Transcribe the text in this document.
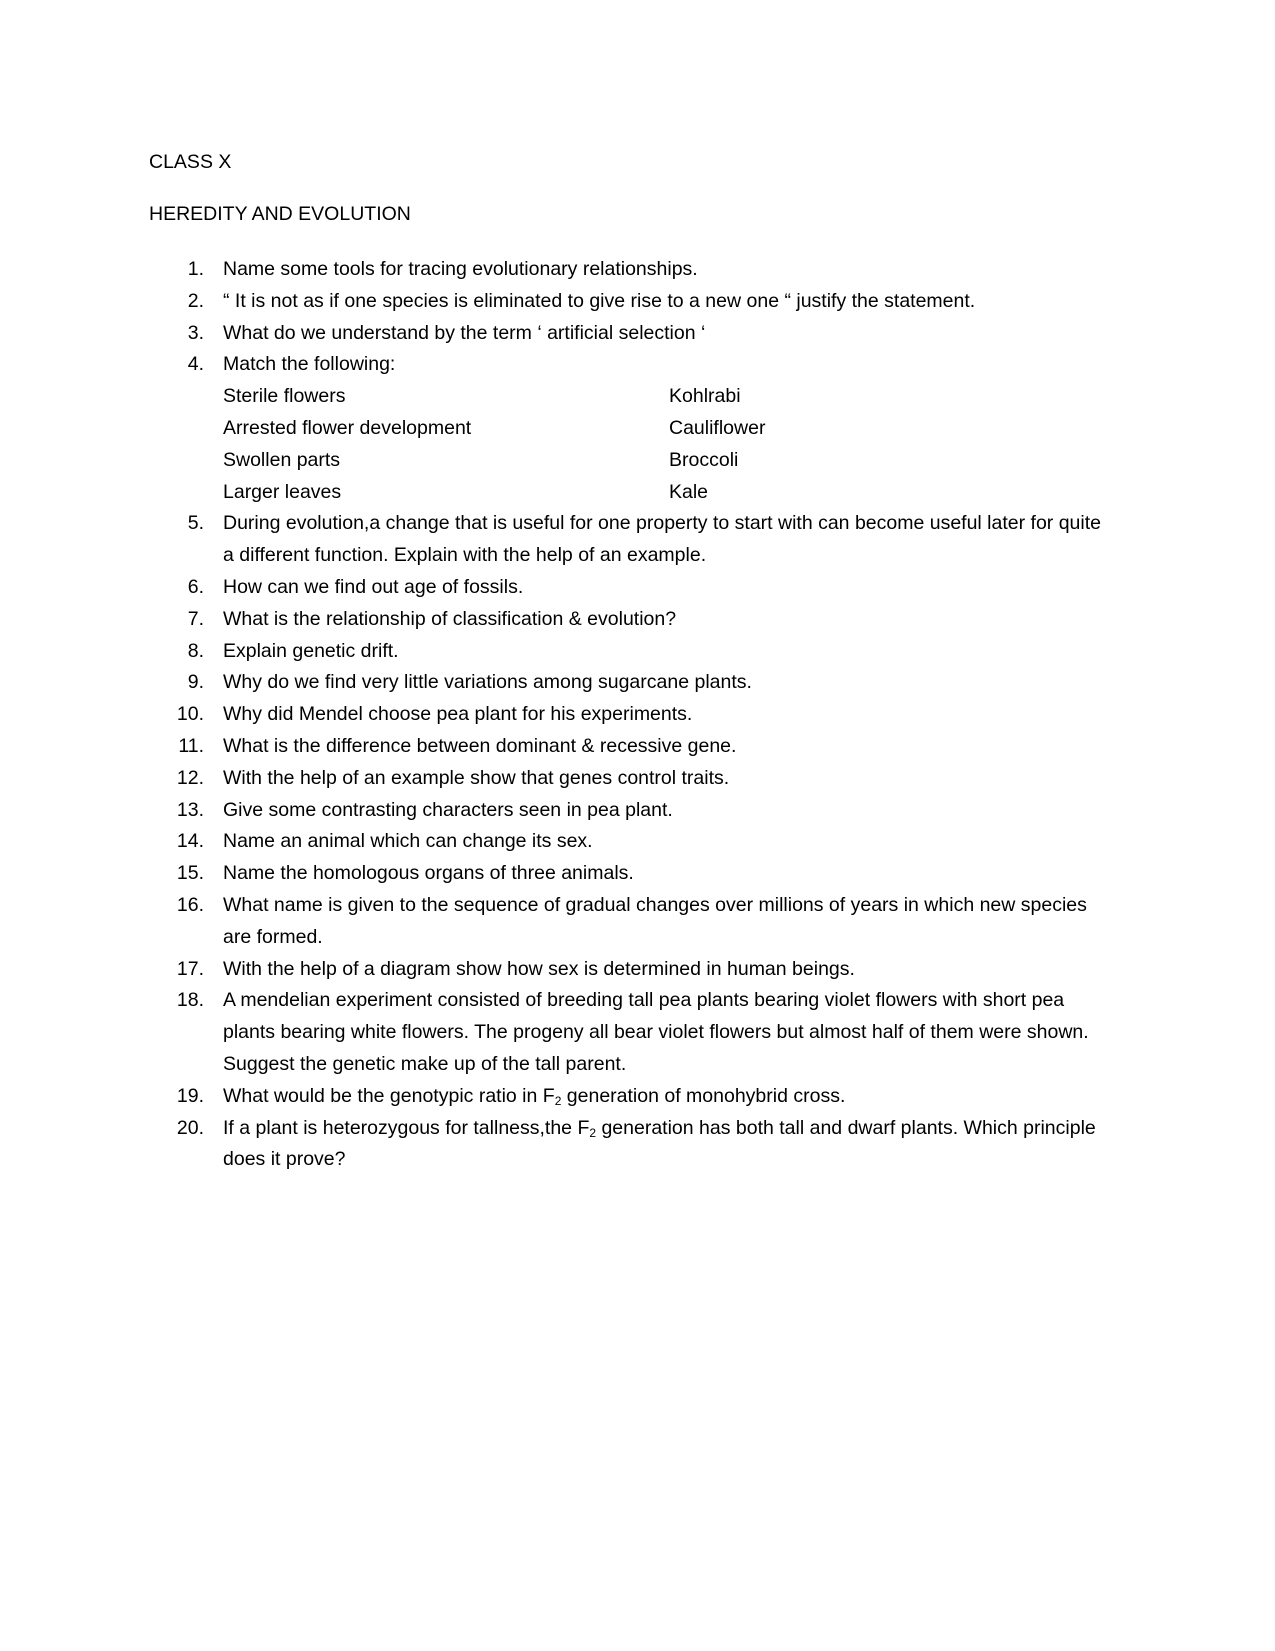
CLASS X
HEREDITY AND EVOLUTION
1. Name some tools for tracing evolutionary relationships.
2. “ It is not as if one species is eliminated to give rise to a new one “ justify the statement.
3. What do we understand by the term ‘ artificial selection ‘
4. Match the following:
Sterile flowers	Kohlrabi
Arrested flower development	Cauliflower
Swollen parts	Broccoli
Larger leaves	Kale
5. During evolution,a change that is useful for one property to start with can become useful later for quite a different function. Explain with the help of an example.
6. How can we find out age of fossils.
7. What is the relationship of classification & evolution?
8. Explain genetic drift.
9. Why do we find very little variations among sugarcane plants.
10. Why did Mendel choose pea plant for his experiments.
11. What is the difference between dominant & recessive gene.
12. With the help of an example show that genes control traits.
13. Give some contrasting characters seen in pea plant.
14. Name an animal which can change its sex.
15. Name the homologous organs of three animals.
16. What name is given to the sequence of gradual changes over millions of years in which new species are formed.
17. With the help of a diagram show how sex is determined in human beings.
18. A mendelian experiment consisted of breeding tall pea plants bearing violet flowers with short pea plants bearing white flowers. The progeny all bear violet flowers but almost half of them were shown. Suggest the genetic make up of the tall parent.
19. What would be the genotypic ratio in $F_2$ generation of monohybrid cross.
20. If a plant is heterozygous for tallness,the $F_2$ generation has both tall and dwarf plants. Which principle does it prove?
